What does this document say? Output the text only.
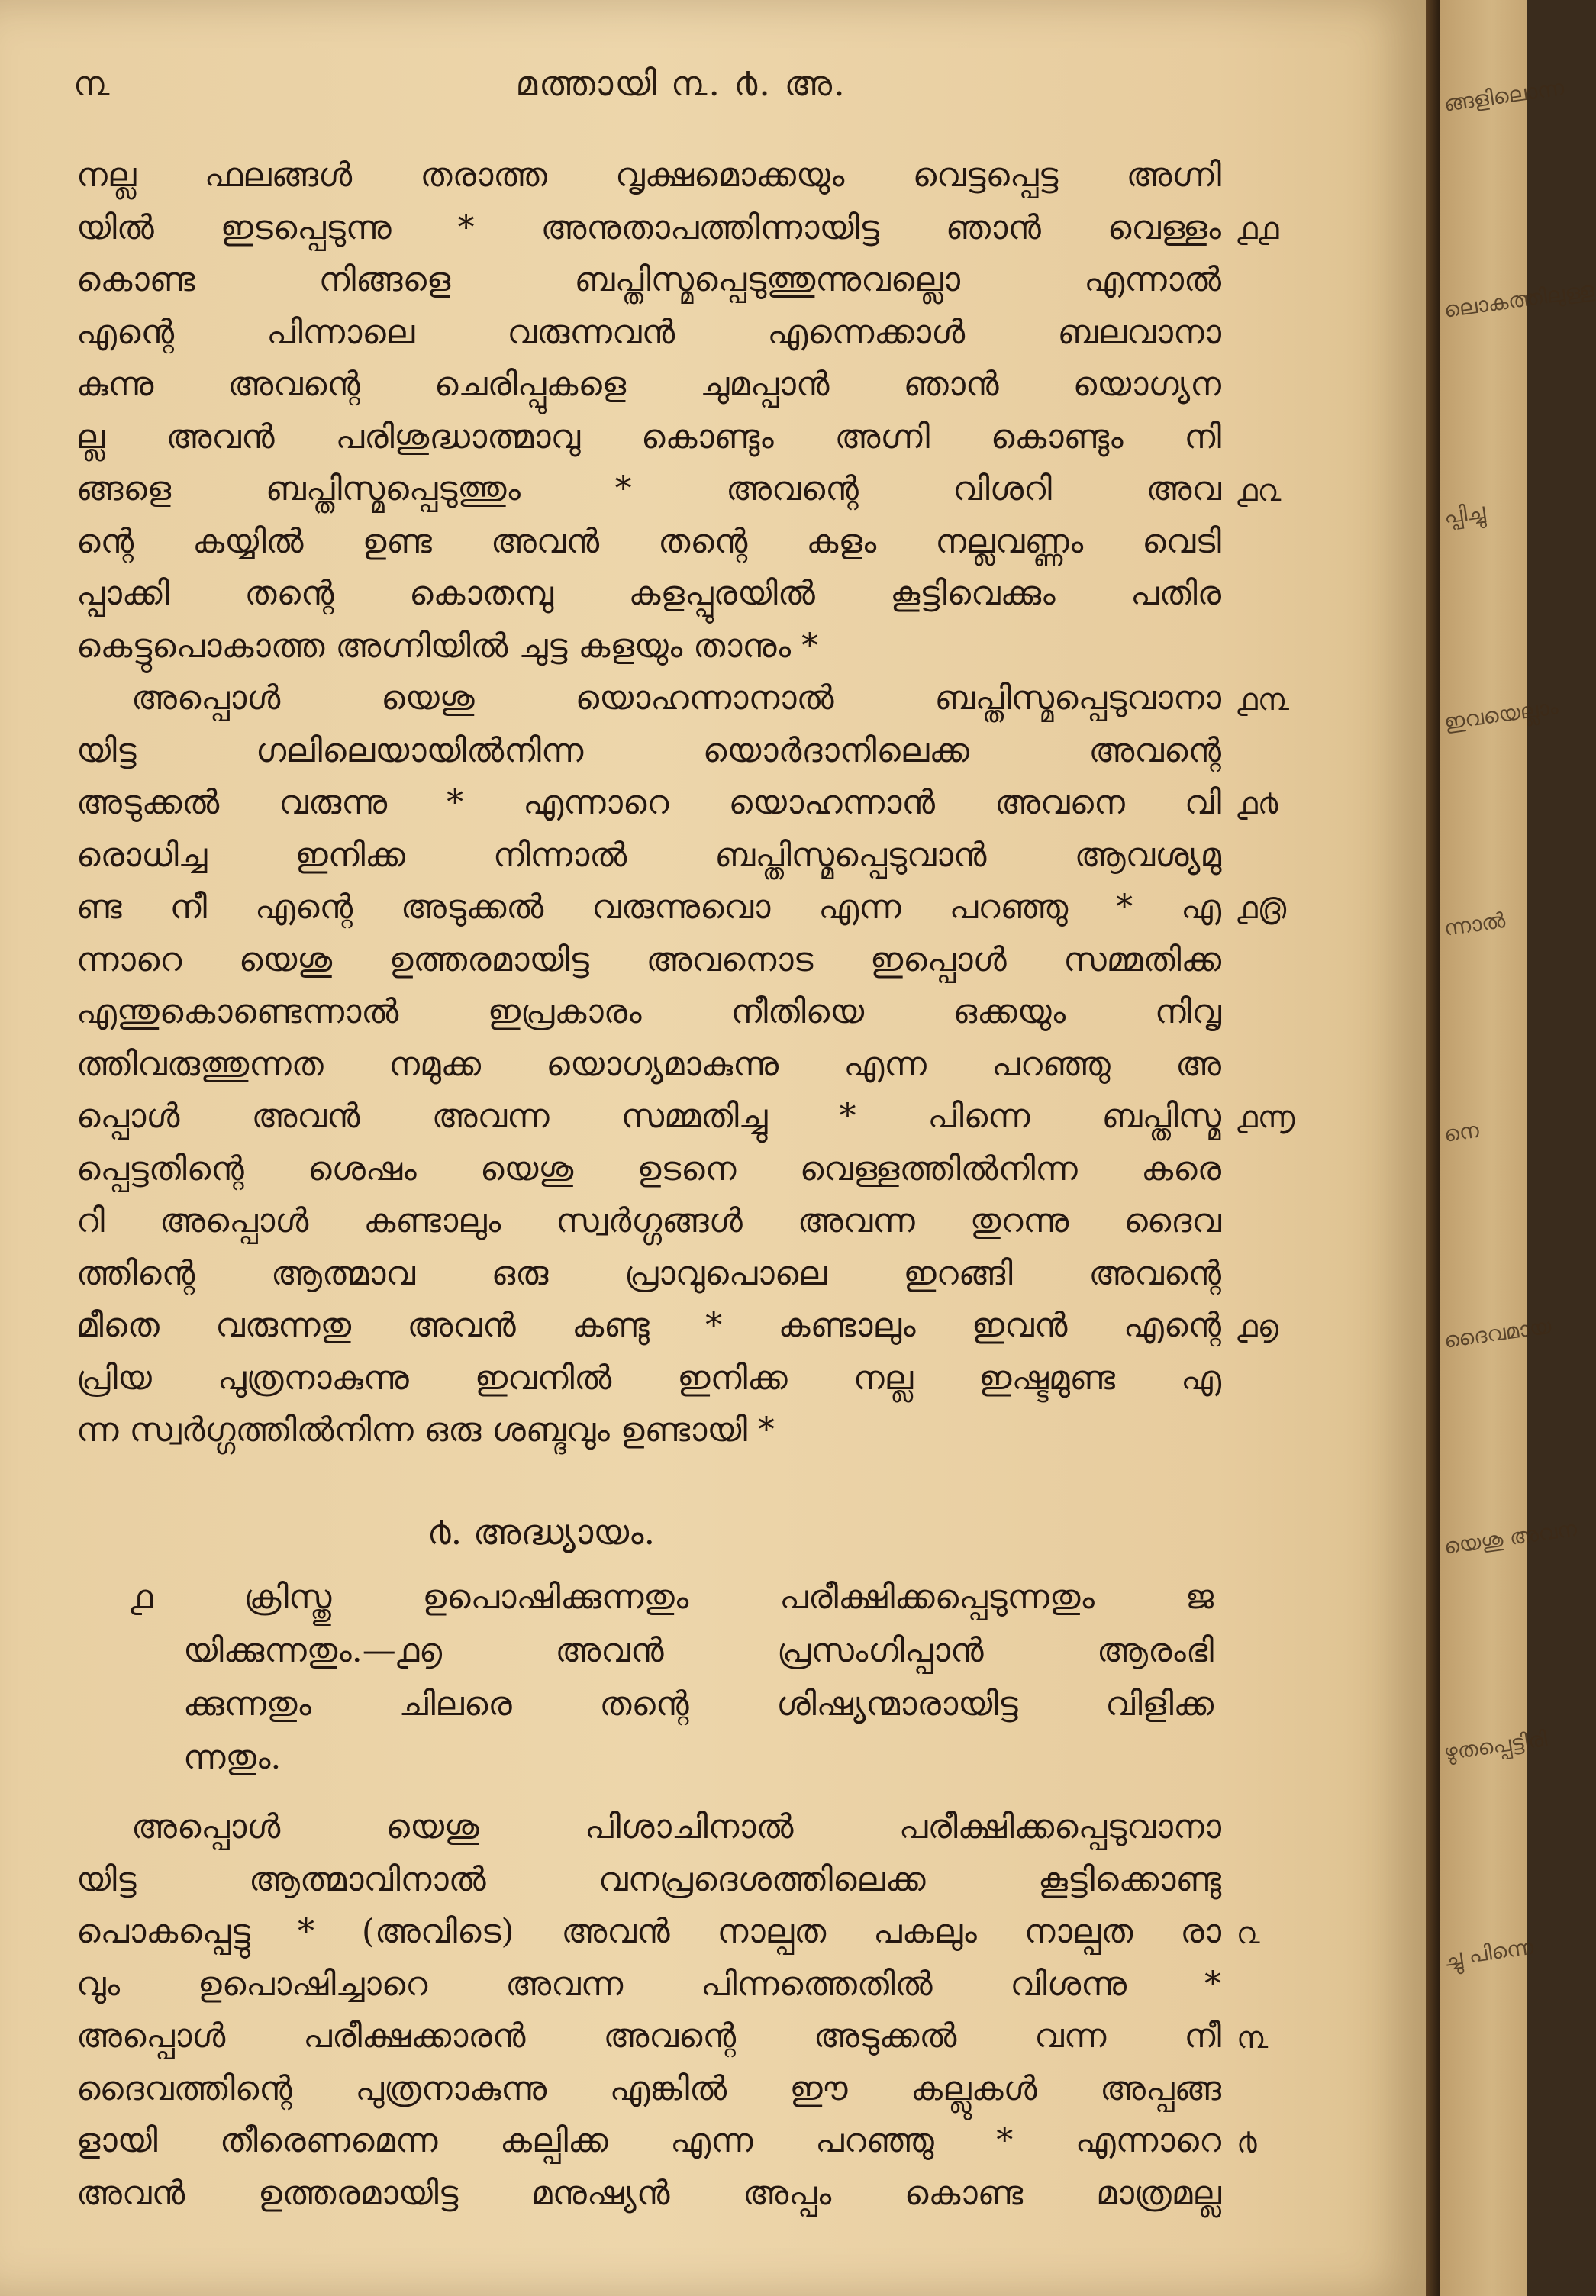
൩	മത്തായി ൩. ൪. അ.
നല്ല ഫലങ്ങൾ തരാത്ത വൃക്ഷമൊക്കയും വെട്ടപ്പെട്ട അഗ്നി
യിൽ ഇടപ്പെടുന്നു * അനുതാപത്തിന്നായിട്ട ഞാൻ വെള്ളം
കൊണ്ട നിങ്ങളെ ബപ്തിസ്മപ്പെടുത്തുന്നുവല്ലൊ എന്നാൽ
എന്റെ പിന്നാലെ വരുന്നവൻ എന്നെക്കാൾ ബലവാനാ
കുന്നു അവന്റെ ചെരിപ്പുകളെ ചുമപ്പാൻ ഞാൻ യൊഗ്യന
ല്ല അവൻ പരിശുദ്ധാത്മാവു കൊണ്ടും അഗ്നി കൊണ്ടും നി
ങ്ങളെ ബപ്തിസ്മപ്പെടുത്തും * അവന്റെ വിശറി അവ
ന്റെ കയ്യിൽ ഉണ്ട അവൻ തന്റെ കളം നല്ലവണ്ണം വെടി
പ്പാക്കി തന്റെ കൊതമ്പു കളപ്പുരയിൽ കൂട്ടിവെക്കും പതിര
കെട്ടുപൊകാത്ത അഗ്നിയിൽ ചുട്ട കളയും താനും *
അപ്പൊൾ യെശു യൊഹന്നാനാൽ ബപ്തിസ്മപ്പെടുവാനാ
യിട്ട ഗലിലെയായിൽനിന്ന യൊർദാനിലെക്ക അവന്റെ
അടുക്കൽ വരുന്നു * എന്നാറെ യൊഹന്നാൻ അവനെ വി
രൊധിച്ച ഇനിക്ക നിന്നാൽ ബപ്തിസ്മപ്പെടുവാൻ ആവശ്യമു
ണ്ട നീ എന്റെ അടുക്കൽ വരുന്നുവൊ എന്ന പറഞ്ഞു * എ
ന്നാറെ യെശു ഉത്തരമായിട്ട അവനൊട ഇപ്പൊൾ സമ്മതിക്ക
എന്തുകൊണ്ടെന്നാൽ ഇപ്രകാരം നീതിയെ ഒക്കയും നിവൃ
ത്തിവരുത്തുന്നത നമുക്ക യൊഗ്യമാകുന്നു എന്ന പറഞ്ഞു അ
പ്പൊൾ അവൻ അവന്ന സമ്മതിച്ചു * പിന്നെ ബപ്തിസ്മ
പ്പെട്ടതിന്റെ ശെഷം യെശു ഉടനെ വെള്ളത്തിൽനിന്ന കരെ
റി അപ്പൊൾ കണ്ടാലും സ്വർഗ്ഗങ്ങൾ അവന്ന തുറന്നു ദൈവ
ത്തിന്റെ ആത്മാവ ഒരു പ്രാവുപൊലെ ഇറങ്ങി അവന്റെ
മീതെ വരുന്നതു അവൻ കണ്ടു * കണ്ടാലും ഇവൻ എന്റെ
പ്രിയ പുത്രനാകുന്നു ഇവനിൽ ഇനിക്ക നല്ല ഇഷ്ടമുണ്ട എ
ന്ന സ്വർഗ്ഗത്തിൽനിന്ന ഒരു ശബ്ദവും ഉണ്ടായി *
൧൧
൧൨
൧൩
൧൪
൧൫
൧൬
൧൭
൪. അദ്ധ്യായം.
൧ ക്രിസ്തു ഉപൊഷിക്കുന്നതും പരീക്ഷിക്കപ്പെടുന്നതും ജ
യിക്കുന്നതും.—൧൭ അവൻ പ്രസംഗിപ്പാൻ ആരംഭി
ക്കുന്നതും ചിലരെ തന്റെ ശിഷ്യന്മാരായിട്ട വിളിക്ക
ന്നതും.
അപ്പൊൾ യെശു പിശാചിനാൽ പരീക്ഷിക്കപ്പെടുവാനാ
യിട്ട ആത്മാവിനാൽ വനപ്രദെശത്തിലെക്ക കൂട്ടിക്കൊണ്ടു
പൊകപ്പെട്ടു * (അവിടെ) അവൻ നാല്പത പകലും നാല്പത രാ
വും ഉപൊഷിച്ചാറെ അവന്ന പിന്നത്തെതിൽ വിശന്നു *
അപ്പൊൾ പരീക്ഷക്കാരൻ അവന്റെ അടുക്കൽ വന്ന നീ
ദൈവത്തിന്റെ പുത്രനാകുന്നു എങ്കിൽ ഈ കല്ലുകൾ അപ്പങ്ങ
ളായി തീരെണമെന്ന കല്പിക്ക എന്ന പറഞ്ഞു * എന്നാറെ
അവൻ ഉത്തരമായിട്ട മനുഷ്യൻ അപ്പം കൊണ്ട മാത്രമല്ല
൨
൩
൪
ങ്ങളിലൊന്ന
ലൊകത്തിലുള്ള
പ്പിച്ചു
ഇവയെല്ലാം
ന്നാൽ
നെ
ദൈവമായ
യെശു അവന
ഴുതപ്പെട്ടിരി
ച്ചു പിന്നെ
